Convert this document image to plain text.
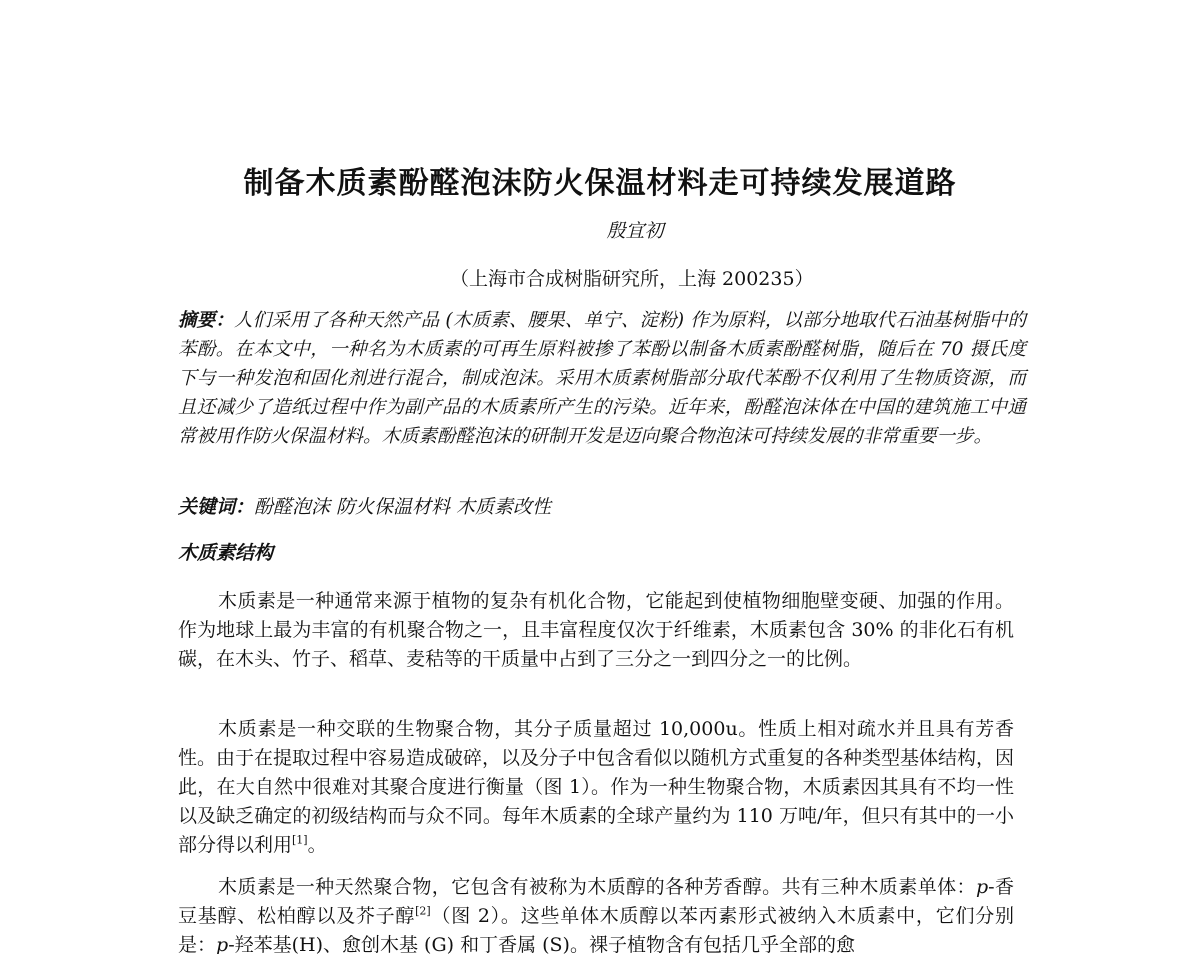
制备木质素酚醛泡沫防火保温材料走可持续发展道路
殷宜初
（上海市合成树脂研究所，上海 200235）
摘要：人们采用了各种天然产品 (木质素、腰果、单宁、淀粉) 作为原料，以部分地取代石油基树脂中的苯酚。在本文中，一种名为木质素的可再生原料被掺了苯酚以制备木质素酚醛树脂，随后在 70 摄氏度下与一种发泡和固化剂进行混合，制成泡沫。采用木质素树脂部分取代苯酚不仅利用了生物质资源，而且还减少了造纸过程中作为副产品的木质素所产生的污染。近年来，酚醛泡沫体在中国的建筑施工中通常被用作防火保温材料。木质素酚醛泡沫的研制开发是迈向聚合物泡沫可持续发展的非常重要一步。
关键词：酚醛泡沫 防火保温材料 木质素改性
木质素结构

木质素是一种通常来源于植物的复杂有机化合物，它能起到使植物细胞壁变硬、加强的作用。作为地球上最为丰富的有机聚合物之一，且丰富程度仅次于纤维素，木质素包含 30% 的非化石有机碳，在木头、竹子、稻草、麦秸等的干质量中占到了三分之一到四分之一的比例。

木质素是一种交联的生物聚合物，其分子质量超过 10,000u。性质上相对疏水并且具有芳香性。由于在提取过程中容易造成破碎，以及分子中包含看似以随机方式重复的各种类型基体结构，因此，在大自然中很难对其聚合度进行衡量（图 1）。作为一种生物聚合物，木质素因其具有不均一性以及缺乏确定的初级结构而与众不同。每年木质素的全球产量约为 110 万吨/年，但只有其中的一小部分得以利用[1]。

木质素是一种天然聚合物，它包含有被称为木质醇的各种芳香醇。共有三种木质素单体：p-香豆基醇、松柏醇以及芥子醇[2]（图 2）。这些单体木质醇以苯丙素形式被纳入木质素中，它们分别是：p-羟苯基(H)、愈创木基 (G) 和丁香属 (S)。裸子植物含有包括几乎全部的愈
